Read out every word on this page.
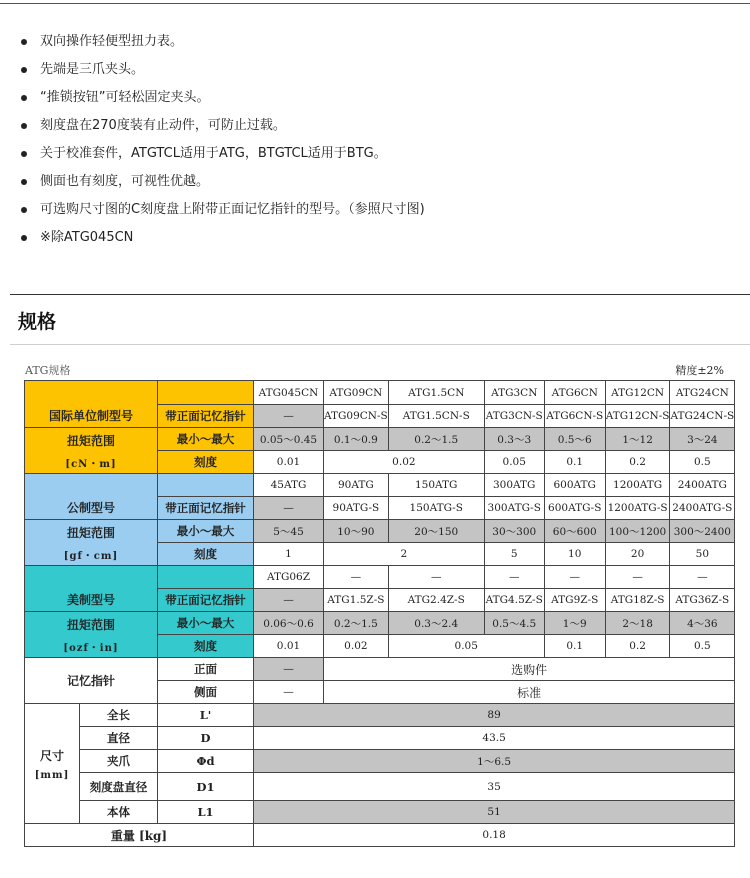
双向操作轻便型扭力表。
先端是三爪夹头。
“推锁按钮”可轻松固定夹头。
刻度盘在270度装有止动件，可防止过载。
关于校准套件，ATGTCL适用于ATG，BTGTCL适用于BTG。
侧面也有刻度，可视性优越。
可选购尺寸图的C刻度盘上附带正面记忆指针的型号。（参照尺寸图)
※除ATG045CN
规格
ATG规格	精度±2%
国际单位制型号			ATG045CN	ATG09CN	ATG1.5CN	ATG3CN	ATG6CN	ATG12CN	ATG24CN
		带正面记忆指针	—	ATG09CN-S	ATG1.5CN-S	ATG3CN-S	ATG6CN-S	ATG12CN-S	ATG24CN-S

扭矩范围
[cN・m]		最小～最大	0.05～0.45	0.1～0.9	0.2～1.5	0.3～3	0.5～6	1～12	3～24
		刻度	0.01	0.02		0.05	0.1	0.2	0.5
公制型号			45ATG	90ATG	150ATG	300ATG	600ATG	1200ATG	2400ATG
		带正面记忆指针	—	90ATG-S	150ATG-S	300ATG-S	600ATG-S	1200ATG-S	2400ATG-S

扭矩范围
[gf・cm]		最小～最大	5～45	10～90	20～150	30～300	60～600	100～1200	300～2400
		刻度	1	2		5	10	20	50
美制型号			ATG06Z	—	—	—	—	—	—
		带正面记忆指针	—	ATG1.5Z-S	ATG2.4Z-S	ATG4.5Z-S	ATG9Z-S	ATG18Z-S	ATG36Z-S

扭矩范围
[ozf・in]		最小～最大	0.06～0.6	0.2～1.5	0.3～2.4	0.5～4.5	1～9	2～18	4～36
		刻度	0.01	0.02	0.05		0.1	0.2	0.5
记忆指针		正面	—	选购件					
		侧面	—	标准					

尺寸
[mm]	全长	L'	89						
	直径	D	43.5						
	夹爪	Φd	1～6.5						
	刻度盘直径	D1	35						
	本体	L1	51						
重量 [kg]			0.18						
